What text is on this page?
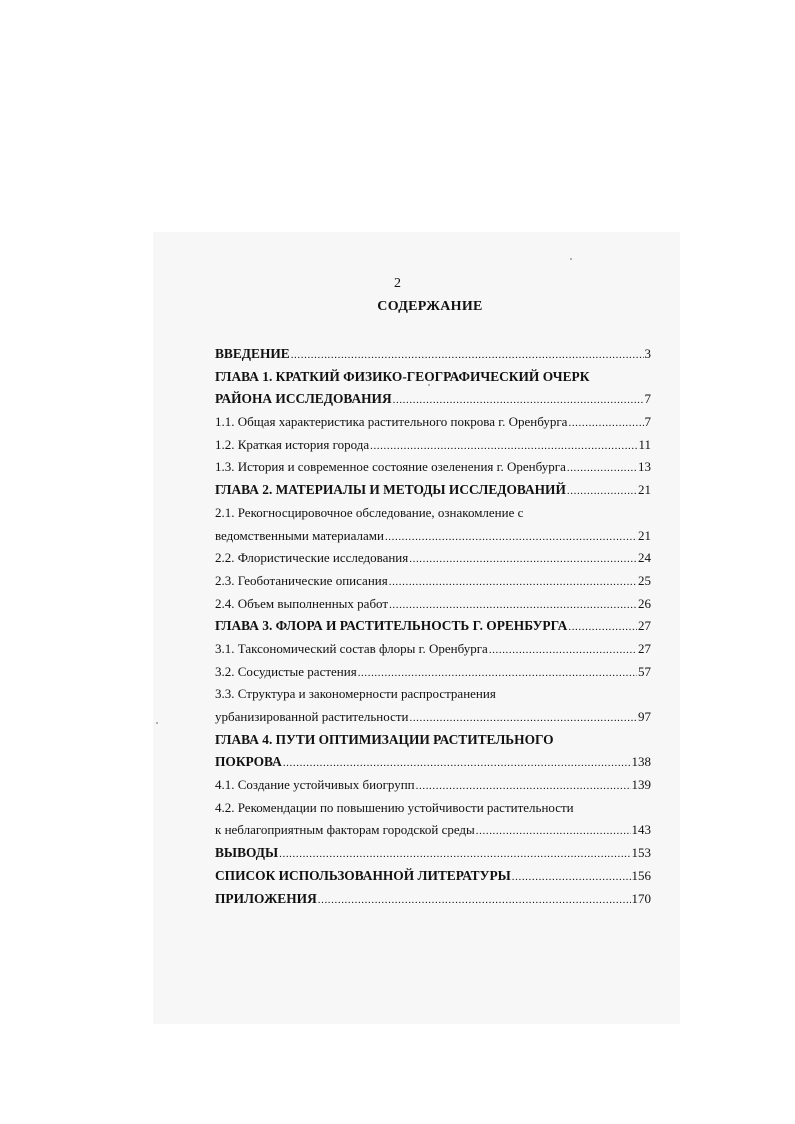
2
СОДЕРЖАНИЕ
ВВЕДЕНИЕ .....	3
ГЛАВА 1. КРАТКИЙ ФИЗИКО-ГЕОГРАФИЧЕСКИЙ ОЧЕРК
РАЙОНА ИССЛЕДОВАНИЯ .....	7
1.1. Общая характеристика растительного покрова г. Оренбурга .....	7
1.2. Краткая история города .....	11
1.3. История и современное состояние озеленения г. Оренбурга .....	13
ГЛАВА 2. МАТЕРИАЛЫ И МЕТОДЫ ИССЛЕДОВАНИЙ .....	21
2.1. Рекогносцировочное обследование, ознакомление с
ведомственными материалами .....	21
2.2. Флористические исследования .....	24
2.3. Геоботанические описания .....	25
2.4. Объем выполненных работ .....	26
ГЛАВА 3. ФЛОРА И РАСТИТЕЛЬНОСТЬ Г. ОРЕНБУРГА .....	27
3.1. Таксономический состав флоры г. Оренбурга .....	27
3.2. Сосудистые растения .....	57
3.3. Структура и закономерности распространения
урбанизированной растительности .....	97
ГЛАВА 4. ПУТИ ОПТИМИЗАЦИИ РАСТИТЕЛЬНОГО
ПОКРОВА .....	138
4.1. Создание устойчивых биогрупп .....	139
4.2. Рекомендации по повышению устойчивости растительности
к неблагоприятным факторам городской среды .....	143
ВЫВОДЫ .....	153
СПИСОК ИСПОЛЬЗОВАННОЙ ЛИТЕРАТУРЫ .....	156
ПРИЛОЖЕНИЯ .....	170
